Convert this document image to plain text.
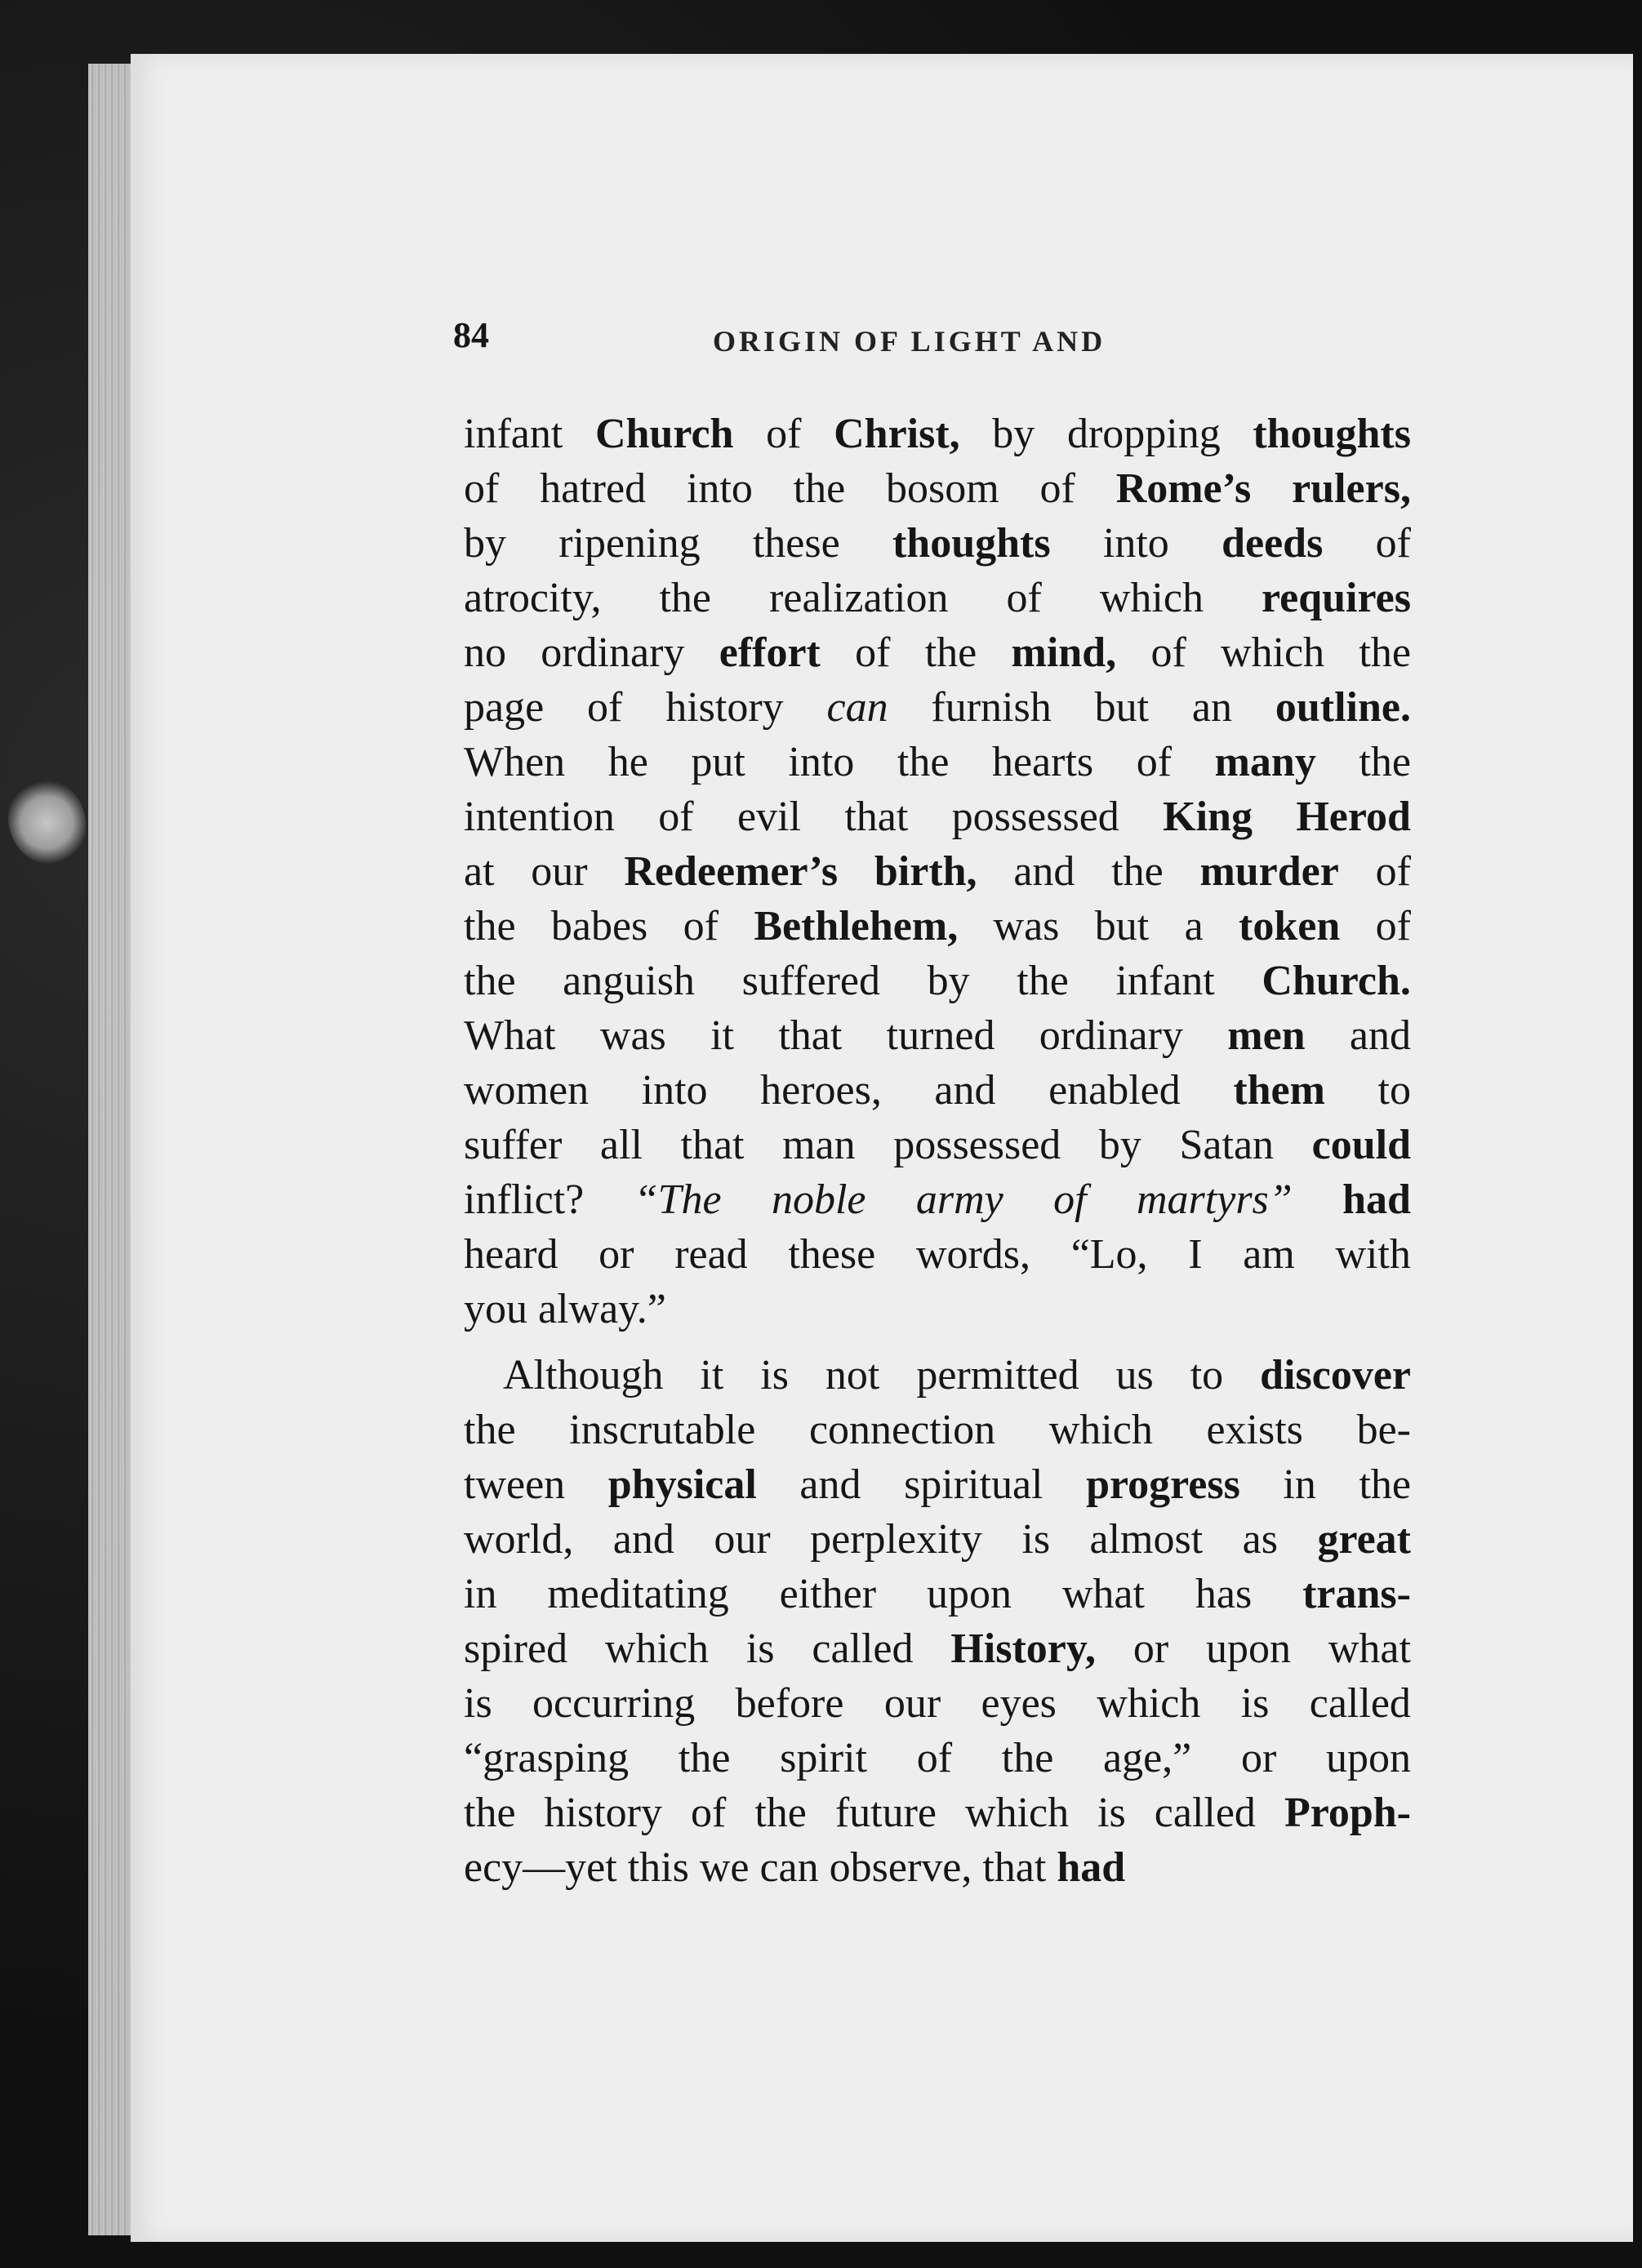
84	ORIGIN OF LIGHT AND
infant Church of Christ, by dropping thoughts
of hatred into the bosom of Rome’s rulers,
by ripening these thoughts into deeds of
atrocity, the realization of which requires
no ordinary effort of the mind, of which the
page of history can furnish but an outline.
When he put into the hearts of many the
intention of evil that possessed King Herod
at our Redeemer’s birth, and the murder of
the babes of Bethlehem, was but a token of
the anguish suffered by the infant Church.
What was it that turned ordinary men and
women into heroes, and enabled them to
suffer all that man possessed by Satan could
inflict? “The noble army of martyrs” had
heard or read these words, “Lo, I am with
you
alway.”
Although it is not permitted us to discover
the inscrutable connection which exists be-
tween physical and spiritual progress in the
world, and our perplexity is almost as great
in meditating either upon what has trans-
spired which is called History, or upon what
is occurring before our eyes which is called
“grasping the spirit of the age,” or upon
the history of the future which is called Proph-
ecy—yet
this
we
can
observe,
that
had
